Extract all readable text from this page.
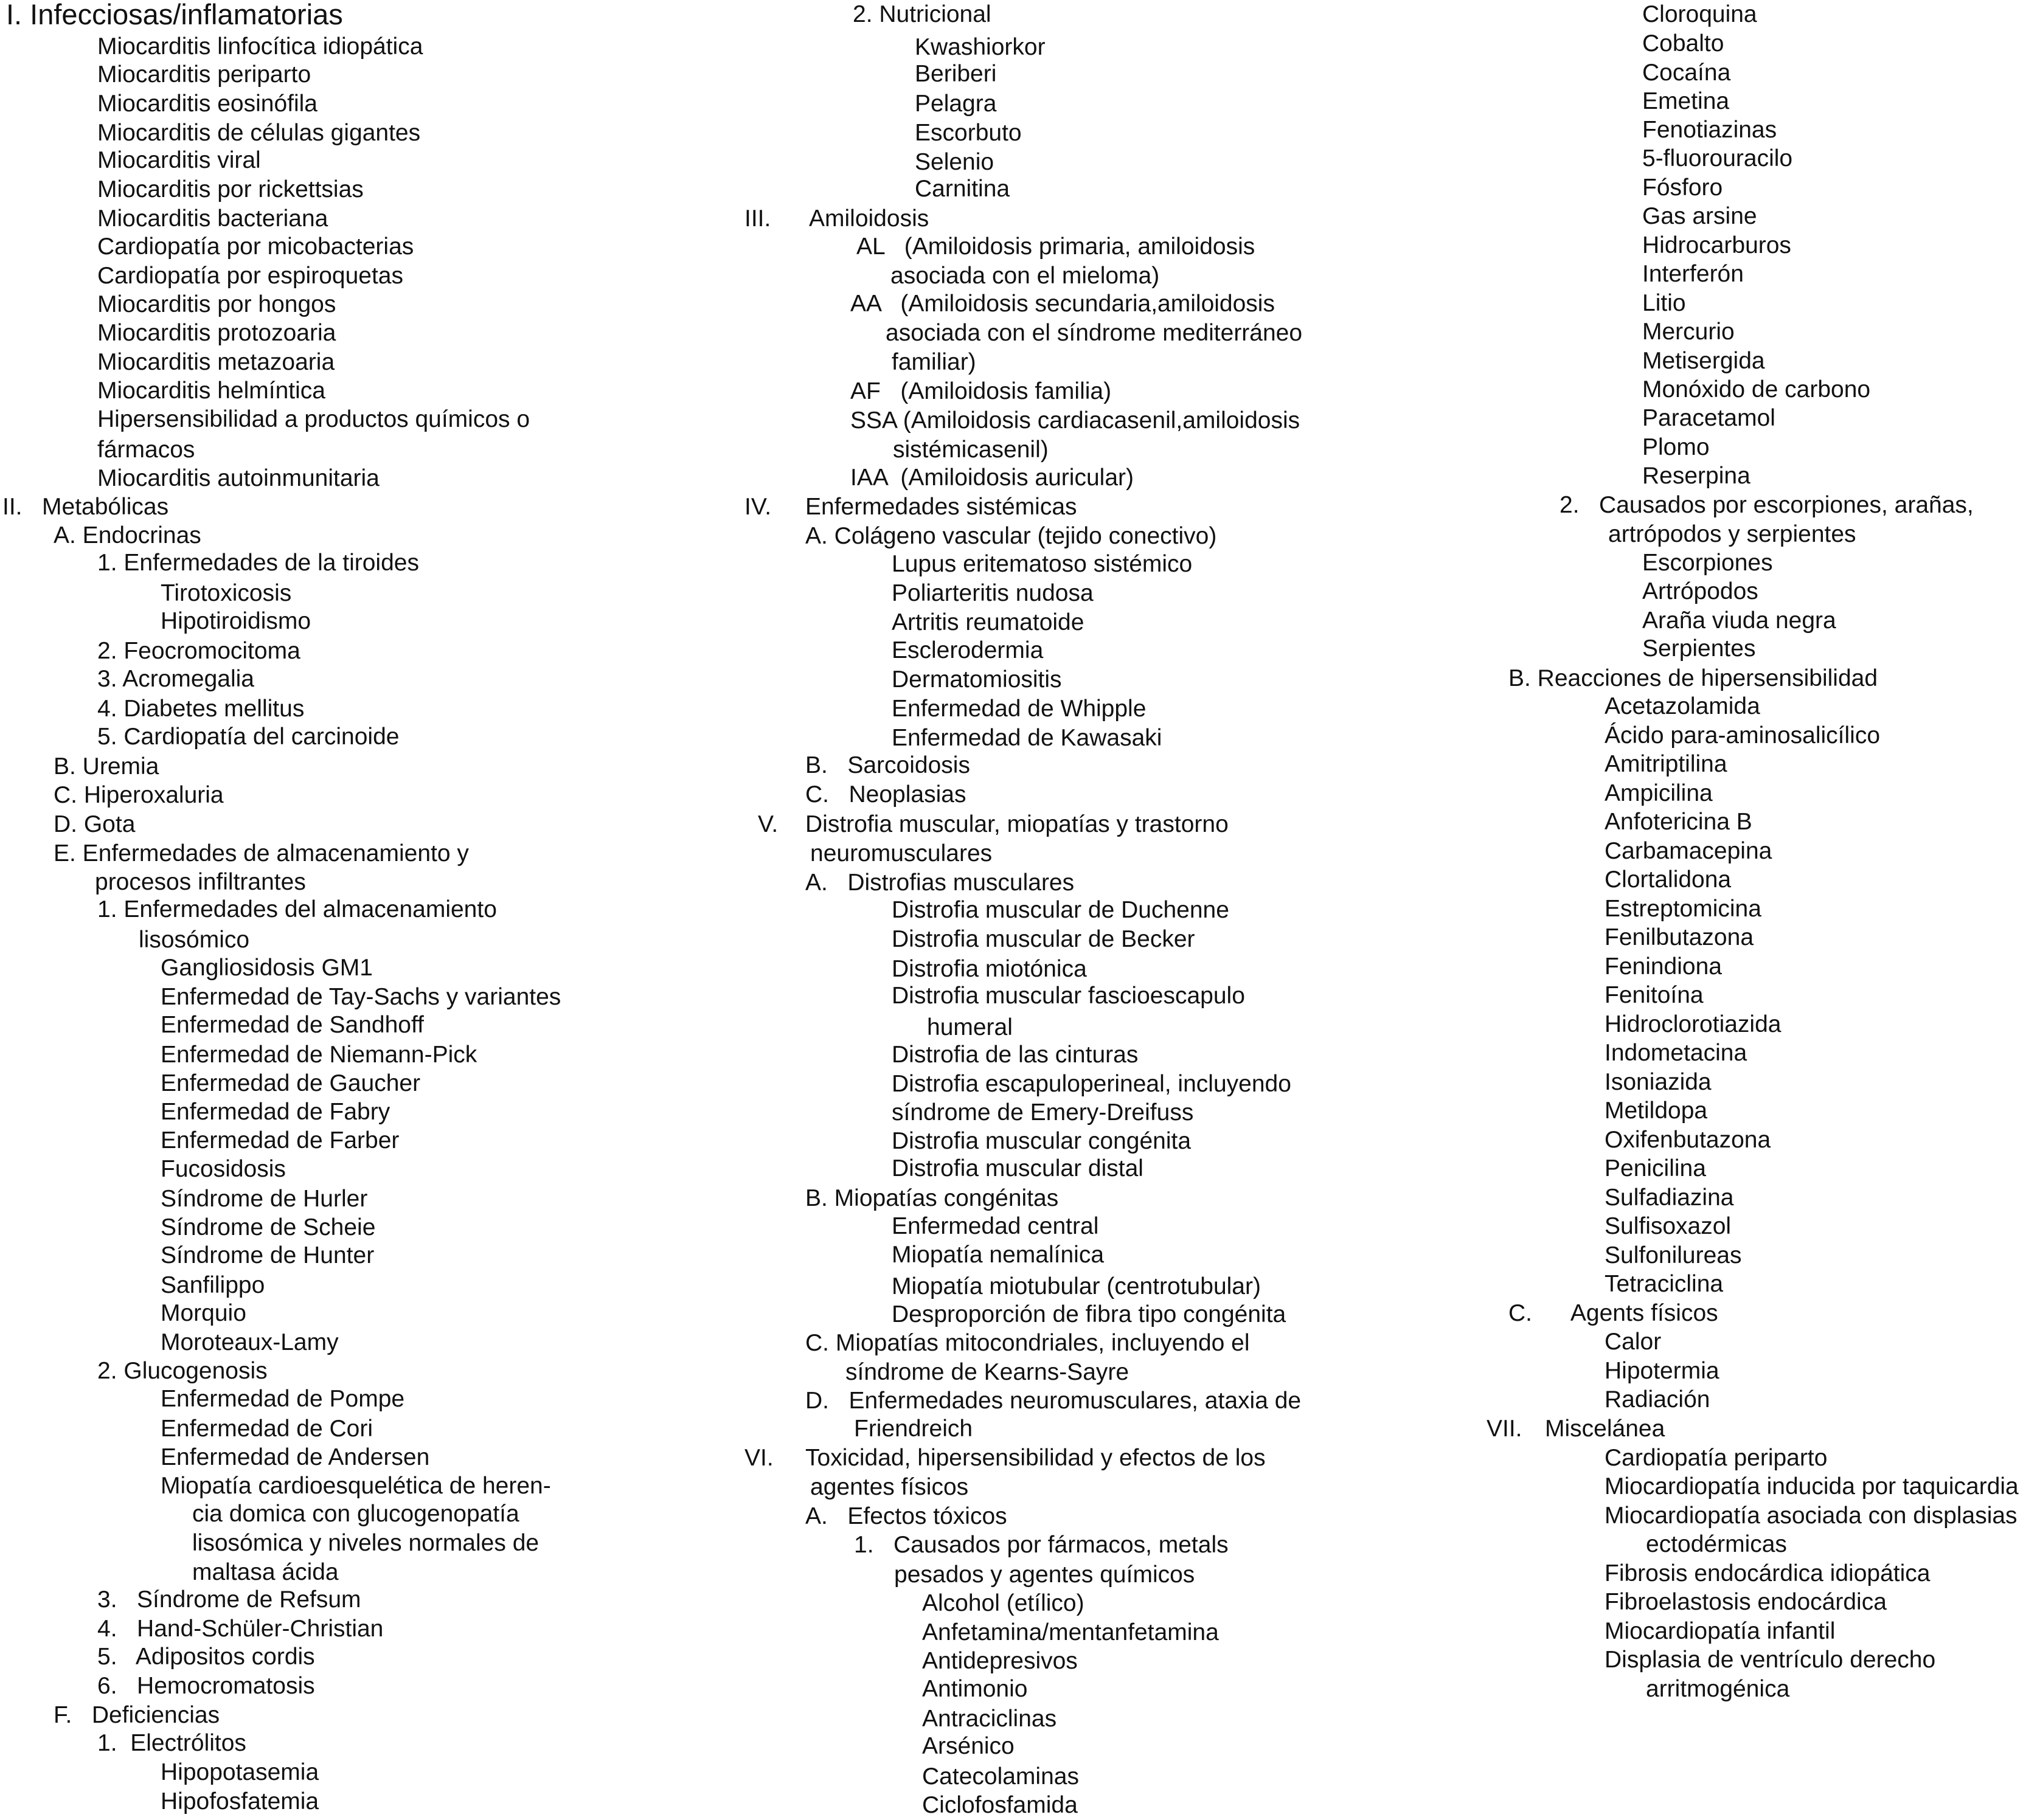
I. Infecciosas/inflamatorias
Miocarditis linfocítica idiopática
Miocarditis periparto
Miocarditis eosinófila
Miocarditis de células gigantes
Miocarditis viral
Miocarditis por rickettsias
Miocarditis bacteriana
Cardiopatía por micobacterias
Cardiopatía por espiroquetas
Miocarditis por hongos
Miocarditis protozoaria
Miocarditis metazoaria
Miocarditis helmíntica
Hipersensibilidad a productos químicos o
fármacos
Miocarditis autoinmunitaria
II.   Metabólicas
A. Endocrinas
1. Enfermedades de la tiroides
Tirotoxicosis
Hipotiroidismo
2. Feocromocitoma
3. Acromegalia
4. Diabetes mellitus
5. Cardiopatía del carcinoide
B. Uremia
C. Hiperoxaluria
D. Gota
E. Enfermedades de almacenamiento y
procesos infiltrantes
1. Enfermedades del almacenamiento
lisosómico
Gangliosidosis GM1
Enfermedad de Tay-Sachs y variantes
Enfermedad de Sandhoff
Enfermedad de Niemann-Pick
Enfermedad de Gaucher
Enfermedad de Fabry
Enfermedad de Farber
Fucosidosis
Síndrome de Hurler
Síndrome de Scheie
Síndrome de Hunter
Sanfilippo
Morquio
Moroteaux-Lamy
2. Glucogenosis
Enfermedad de Pompe
Enfermedad de Cori
Enfermedad de Andersen
Miopatía cardioesquelética de heren-
cia domica con glucogenopatía
lisosómica y niveles normales de
maltasa ácida
3.   Síndrome de Refsum
4.   Hand-Schüler-Christian
5.   Adipositos cordis
6.   Hemocromatosis
F.   Deficiencias
1.  Electrólitos
Hipopotasemia
Hipofosfatemia
2. Nutricional
Kwashiorkor
Beriberi
Pelagra
Escorbuto
Selenio
Carnitina
III. Amiloidosis
AL   (Amiloidosis primaria, amiloidosis
asociada con el mieloma)
AA   (Amiloidosis secundaria,amiloidosis
asociada con el síndrome mediterráneo
familiar)
AF   (Amiloidosis familia)
SSA (Amiloidosis cardiacasenil,amiloidosis
sistémicasenil)
IAA  (Amiloidosis auricular)
IV. Enfermedades sistémicas
A. Colágeno vascular (tejido conectivo)
Lupus eritematoso sistémico
Poliarteritis nudosa
Artritis reumatoide
Esclerodermia
Dermatomiositis
Enfermedad de Whipple
Enfermedad de Kawasaki
B.   Sarcoidosis
C.   Neoplasias
V. Distrofia muscular, miopatías y trastorno
neuromusculares
A.   Distrofias musculares
Distrofia muscular de Duchenne
Distrofia muscular de Becker
Distrofia miotónica
Distrofia muscular fascioescapulo
humeral
Distrofia de las cinturas
Distrofia escapuloperineal, incluyendo
síndrome de Emery-Dreifuss
Distrofia muscular congénita
Distrofia muscular distal
B. Miopatías congénitas
Enfermedad central
Miopatía nemalínica
Miopatía miotubular (centrotubular)
Desproporción de fibra tipo congénita
C. Miopatías mitocondriales, incluyendo el
síndrome de Kearns-Sayre
D.   Enfermedades neuromusculares, ataxia de
Friendreich
VI. Toxicidad, hipersensibilidad y efectos de los
agentes físicos
A.   Efectos tóxicos
1.   Causados por fármacos, metals
pesados y agentes químicos
Alcohol (etílico)
Anfetamina/mentanfetamina
Antidepresivos
Antimonio
Antraciclinas
Arsénico
Catecolaminas
Ciclofosfamida
Cloroquina
Cobalto
Cocaína
Emetina
Fenotiazinas
5-fluorouracilo
Fósforo
Gas arsine
Hidrocarburos
Interferón
Litio
Mercurio
Metisergida
Monóxido de carbono
Paracetamol
Plomo
Reserpina
2.   Causados por escorpiones, arañas,
artrópodos y serpientes
Escorpiones
Artrópodos
Araña viuda negra
Serpientes
B. Reacciones de hipersensibilidad
Acetazolamida
Ácido para-aminosalicílico
Amitriptilina
Ampicilina
Anfotericina B
Carbamacepina
Clortalidona
Estreptomicina
Fenilbutazona
Fenindiona
Fenitoína
Hidroclorotiazida
Indometacina
Isoniazida
Metildopa
Oxifenbutazona
Penicilina
Sulfadiazina
Sulfisoxazol
Sulfonilureas
Tetraciclina
C.      Agents físicos
Calor
Hipotermia
Radiación
VII. Miscelánea
Cardiopatía periparto
Miocardiopatía inducida por taquicardia
Miocardiopatía asociada con displasias
ectodérmicas
Fibrosis endocárdica idiopática
Fibroelastosis endocárdica
Miocardiopatía infantil
Displasia de ventrículo derecho
arritmogénica
